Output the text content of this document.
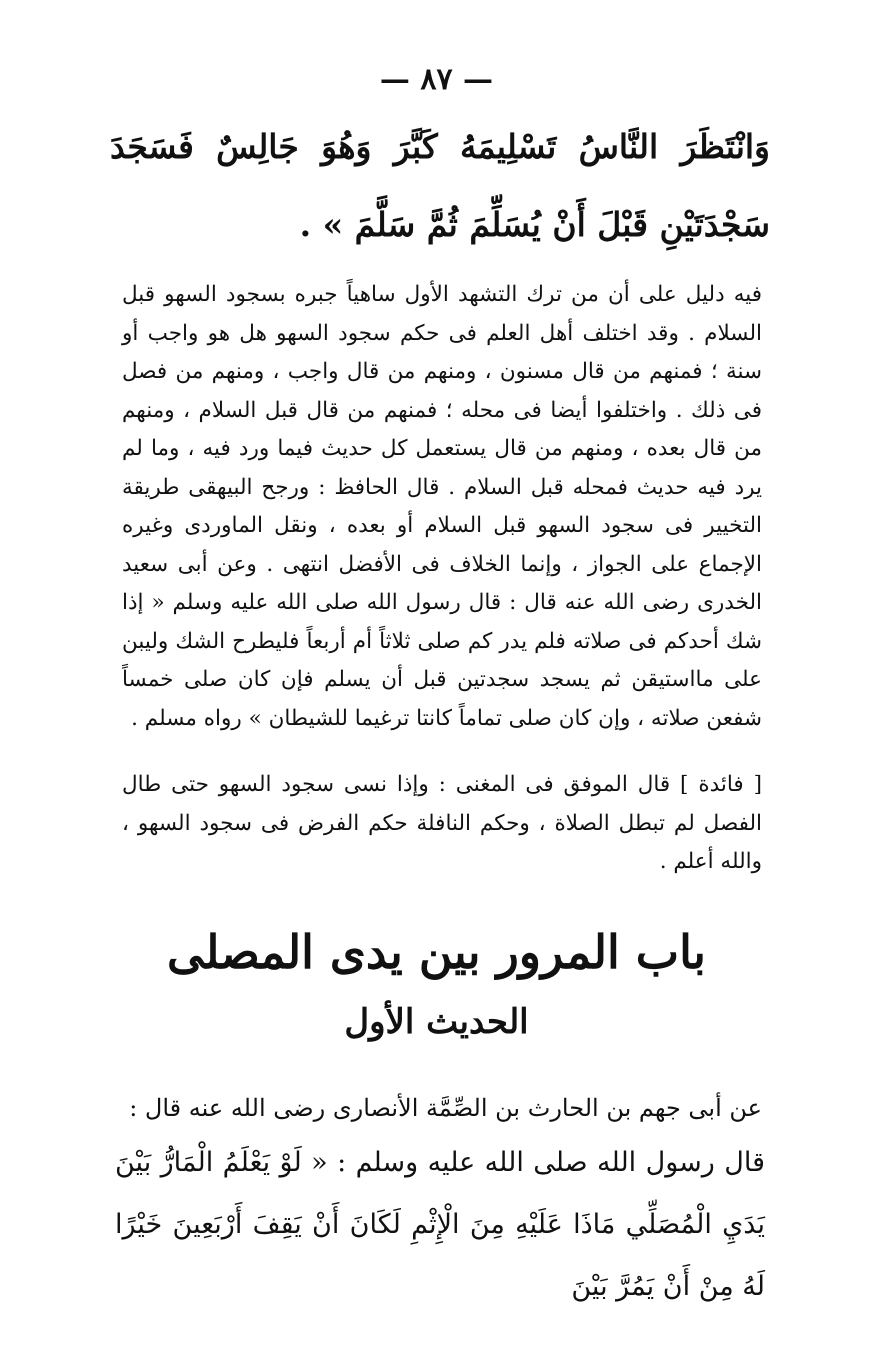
— ٨٧ —
وَانْتَظَرَ النَّاسُ تَسْلِيمَهُ كَبَّرَ وَهُوَ جَالِسٌ فَسَجَدَ سَجْدَتَيْنِ قَبْلَ أَنْ يُسَلِّمَ ثُمَّ سَلَّمَ » .
فيه دليل على أن من ترك التشهد الأول ساهياً جبره بسجود السهو قبل السلام . وقد اختلف أهل العلم فى حكم سجود السهو هل هو واجب أو سنة ؛ فمنهم من قال مسنون ، ومنهم من قال واجب ، ومنهم من فصل فى ذلك . واختلفوا أيضا فى محله ؛ فمنهم من قال قبل السلام ، ومنهم من قال بعده ، ومنهم من قال يستعمل كل حديث فيما ورد فيه ، وما لم يرد فيه حديث فمحله قبل السلام . قال الحافظ : ورجح البيهقى طريقة التخيير فى سجود السهو قبل السلام أو بعده ، ونقل الماوردى وغيره الإجماع على الجواز ، وإنما الخلاف فى الأفضل انتهى . وعن أبى سعيد الخدرى رضى الله عنه قال : قال رسول الله صلى الله عليه وسلم « إذا شك أحدكم فى صلاته فلم يدر كم صلى ثلاثاً أم أربعاً فليطرح الشك وليبن على مااستيقن ثم يسجد سجدتين قبل أن يسلم فإن كان صلى خمساً شفعن صلاته ، وإن كان صلى تماماً كانتا ترغيما للشيطان » رواه مسلم .
[ فائدة ] قال الموفق فى المغنى : وإذا نسى سجود السهو حتى طال الفصل لم تبطل الصلاة ، وحكم النافلة حكم الفرض فى سجود السهو ، والله أعلم .
باب المرور بين يدى المصلى
الحديث الأول
عن أبى جهم بن الحارث بن الصِّمَّة الأنصارى رضى الله عنه قال :
قال رسول الله صلى الله عليه وسلم : « لَوْ يَعْلَمُ الْمَارُّ بَيْنَ يَدَيِ الْمُصَلِّي مَاذَا عَلَيْهِ مِنَ الْإِثْمِ لَكَانَ أَنْ يَقِفَ أَرْبَعِينَ خَيْرًا لَهُ مِنْ أَنْ يَمُرَّ بَيْنَ
